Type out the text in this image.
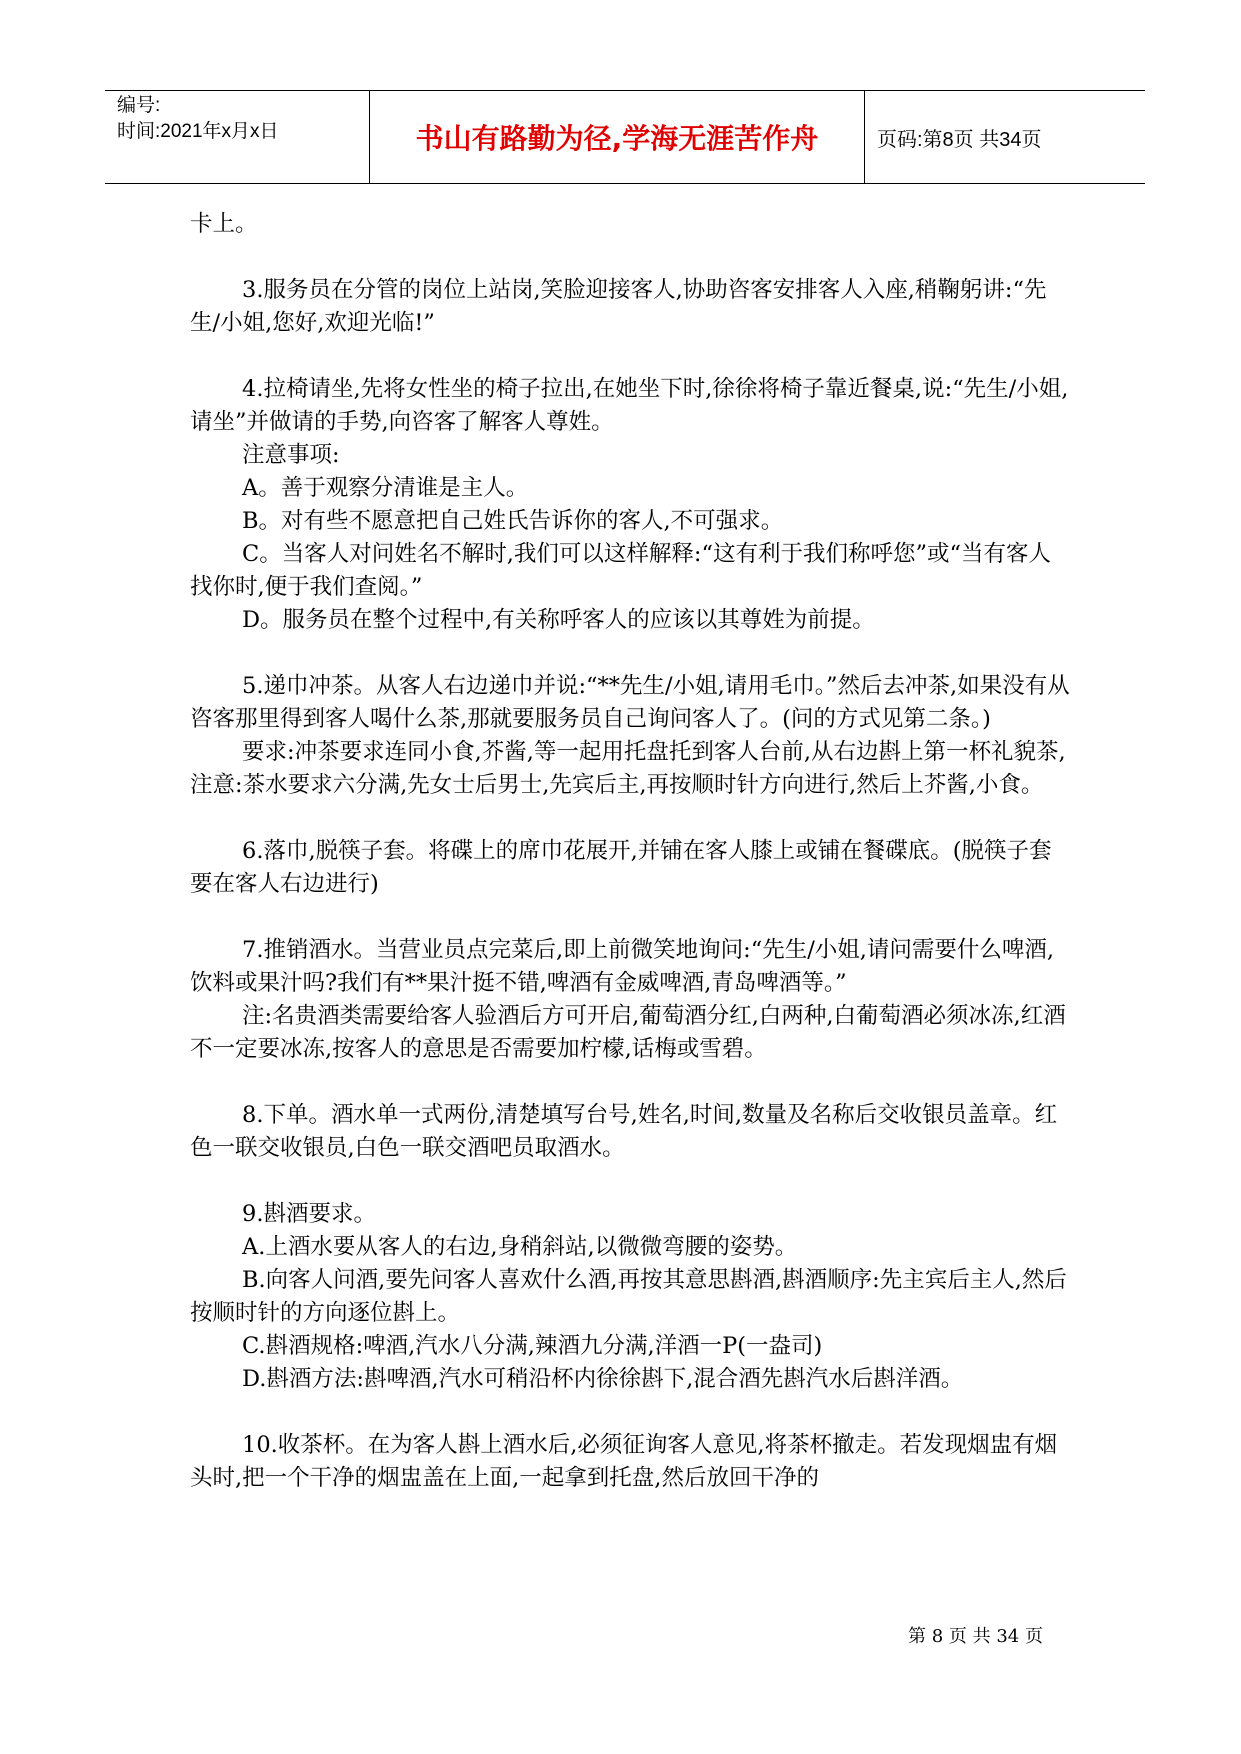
编号:
时间:2021年x月x日	书山有路勤为径,学海无涯苦作舟	页码:第8页 共34页

卡上。

3.服务员在分管的岗位上站岗,笑脸迎接客人,协助咨客安排客人入座,稍鞠躬讲:“先生/小姐,您好,欢迎光临!”

4.拉椅请坐,先将女性坐的椅子拉出,在她坐下时,徐徐将椅子靠近餐桌,说:“先生/小姐,请坐”并做请的手势,向咨客了解客人尊姓。

注意事项:

A。善于观察分清谁是主人。

B。对有些不愿意把自己姓氏告诉你的客人,不可强求。

C。当客人对问姓名不解时,我们可以这样解释:“这有利于我们称呼您”或“当有客人找你时,便于我们查阅。”

D。服务员在整个过程中,有关称呼客人的应该以其尊姓为前提。

5.递巾冲茶。从客人右边递巾并说:“**先生/小姐,请用毛巾。”然后去冲茶,如果没有从咨客那里得到客人喝什么茶,那就要服务员自己询问客人了。(问的方式见第二条。)

要求:冲茶要求连同小食,芥酱,等一起用托盘托到客人台前,从右边斟上第一杯礼貌茶,注意:茶水要求六分满,先女士后男士,先宾后主,再按顺时针方向进行,然后上芥酱,小食。

6.落巾,脱筷子套。将碟上的席巾花展开,并铺在客人膝上或铺在餐碟底。(脱筷子套要在客人右边进行)

7.推销酒水。当营业员点完菜后,即上前微笑地询问:“先生/小姐,请问需要什么啤酒,饮料或果汁吗?我们有**果汁挺不错,啤酒有金威啤酒,青岛啤酒等。”

注:名贵酒类需要给客人验酒后方可开启,葡萄酒分红,白两种,白葡萄酒必须冰冻,红酒不一定要冰冻,按客人的意思是否需要加柠檬,话梅或雪碧。

8.下单。酒水单一式两份,清楚填写台号,姓名,时间,数量及名称后交收银员盖章。红色一联交收银员,白色一联交酒吧员取酒水。

9.斟酒要求。

A.上酒水要从客人的右边,身稍斜站,以微微弯腰的姿势。

B.向客人问酒,要先问客人喜欢什么酒,再按其意思斟酒,斟酒顺序:先主宾后主人,然后按顺时针的方向逐位斟上。

C.斟酒规格:啤酒,汽水八分满,辣酒九分满,洋酒一P(一盎司)

D.斟酒方法:斟啤酒,汽水可稍沿杯内徐徐斟下,混合酒先斟汽水后斟洋酒。

10.收茶杯。在为客人斟上酒水后,必须征询客人意见,将茶杯撤走。若发现烟盅有烟头时,把一个干净的烟盅盖在上面,一起拿到托盘,然后放回干净的

第 8 页 共 34 页
